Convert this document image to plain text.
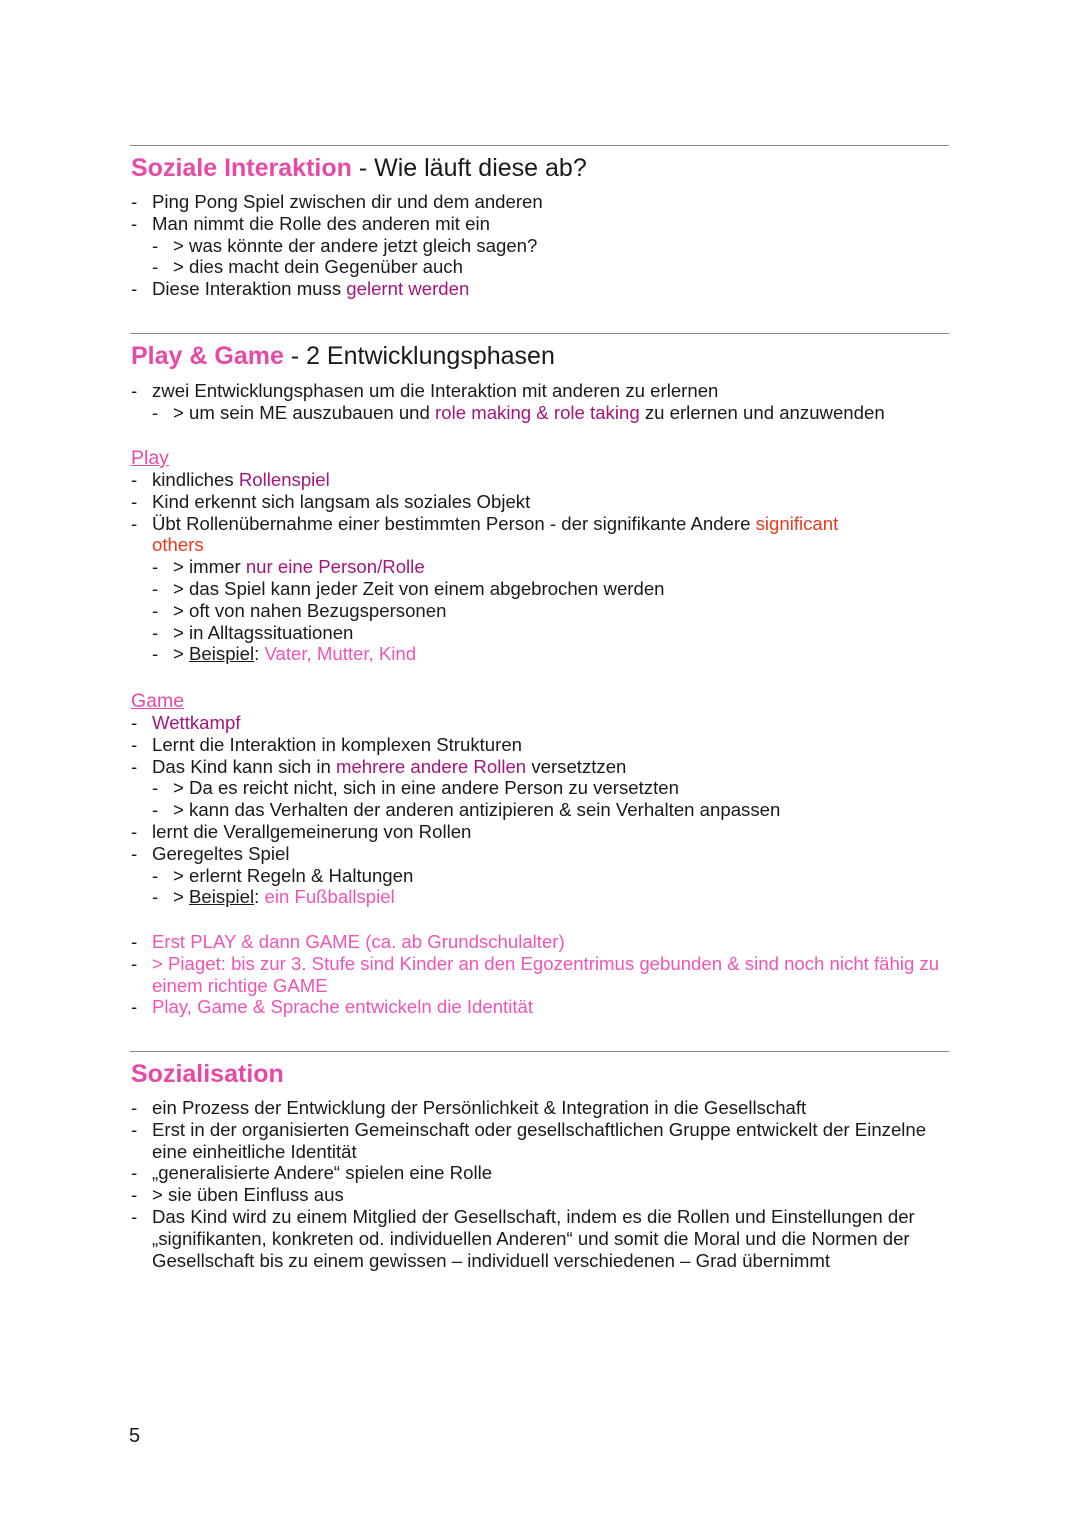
Soziale Interaktion - Wie läuft diese ab?
- Ping Pong Spiel zwischen dir und dem anderen
- Man nimmt die Rolle des anderen mit ein
- > was könnte der andere jetzt gleich sagen?
- > dies macht dein Gegenüber auch
- Diese Interaktion muss gelernt werden
Play & Game - 2 Entwicklungsphasen
- zwei Entwicklungsphasen um die Interaktion mit anderen zu erlernen
- > um sein ME auszubauen und role making & role taking zu erlernen und anzuwenden
Play
- kindliches Rollenspiel
- Kind erkennt sich langsam als soziales Objekt
- Übt Rollenübernahme einer bestimmten Person - der signifikante Andere significant
others
- > immer nur eine Person/Rolle
- > das Spiel kann jeder Zeit von einem abgebrochen werden
- > oft von nahen Bezugspersonen
- > in Alltagssituationen
- > Beispiel: Vater, Mutter, Kind
Game
- Wettkampf
- Lernt die Interaktion in komplexen Strukturen
- Das Kind kann sich in mehrere andere Rollen versetztzen
- > Da es reicht nicht, sich in eine andere Person zu versetzten
- > kann das Verhalten der anderen antizipieren & sein Verhalten anpassen
- lernt die Verallgemeinerung von Rollen
- Geregeltes Spiel
- > erlernt Regeln & Haltungen
- > Beispiel: ein Fußballspiel
- Erst PLAY & dann GAME (ca. ab Grundschulalter)
- > Piaget: bis zur 3. Stufe sind Kinder an den Egozentrimus gebunden & sind noch nicht fähig zu einem richtige GAME
- Play, Game & Sprache entwickeln die Identität
Sozialisation
- ein Prozess der Entwicklung der Persönlichkeit & Integration in die Gesellschaft
- Erst in der organisierten Gemeinschaft oder gesellschaftlichen Gruppe entwickelt der Einzelne eine einheitliche Identität
- „generalisierte Andere“ spielen eine Rolle
- > sie üben Einfluss aus
- Das Kind wird zu einem Mitglied der Gesellschaft, indem es die Rollen und Einstellungen der „signifikanten, konkreten od. individuellen Anderen“ und somit die Moral und die Normen der Gesellschaft bis zu einem gewissen – individuell verschiedenen – Grad übernimmt
5
